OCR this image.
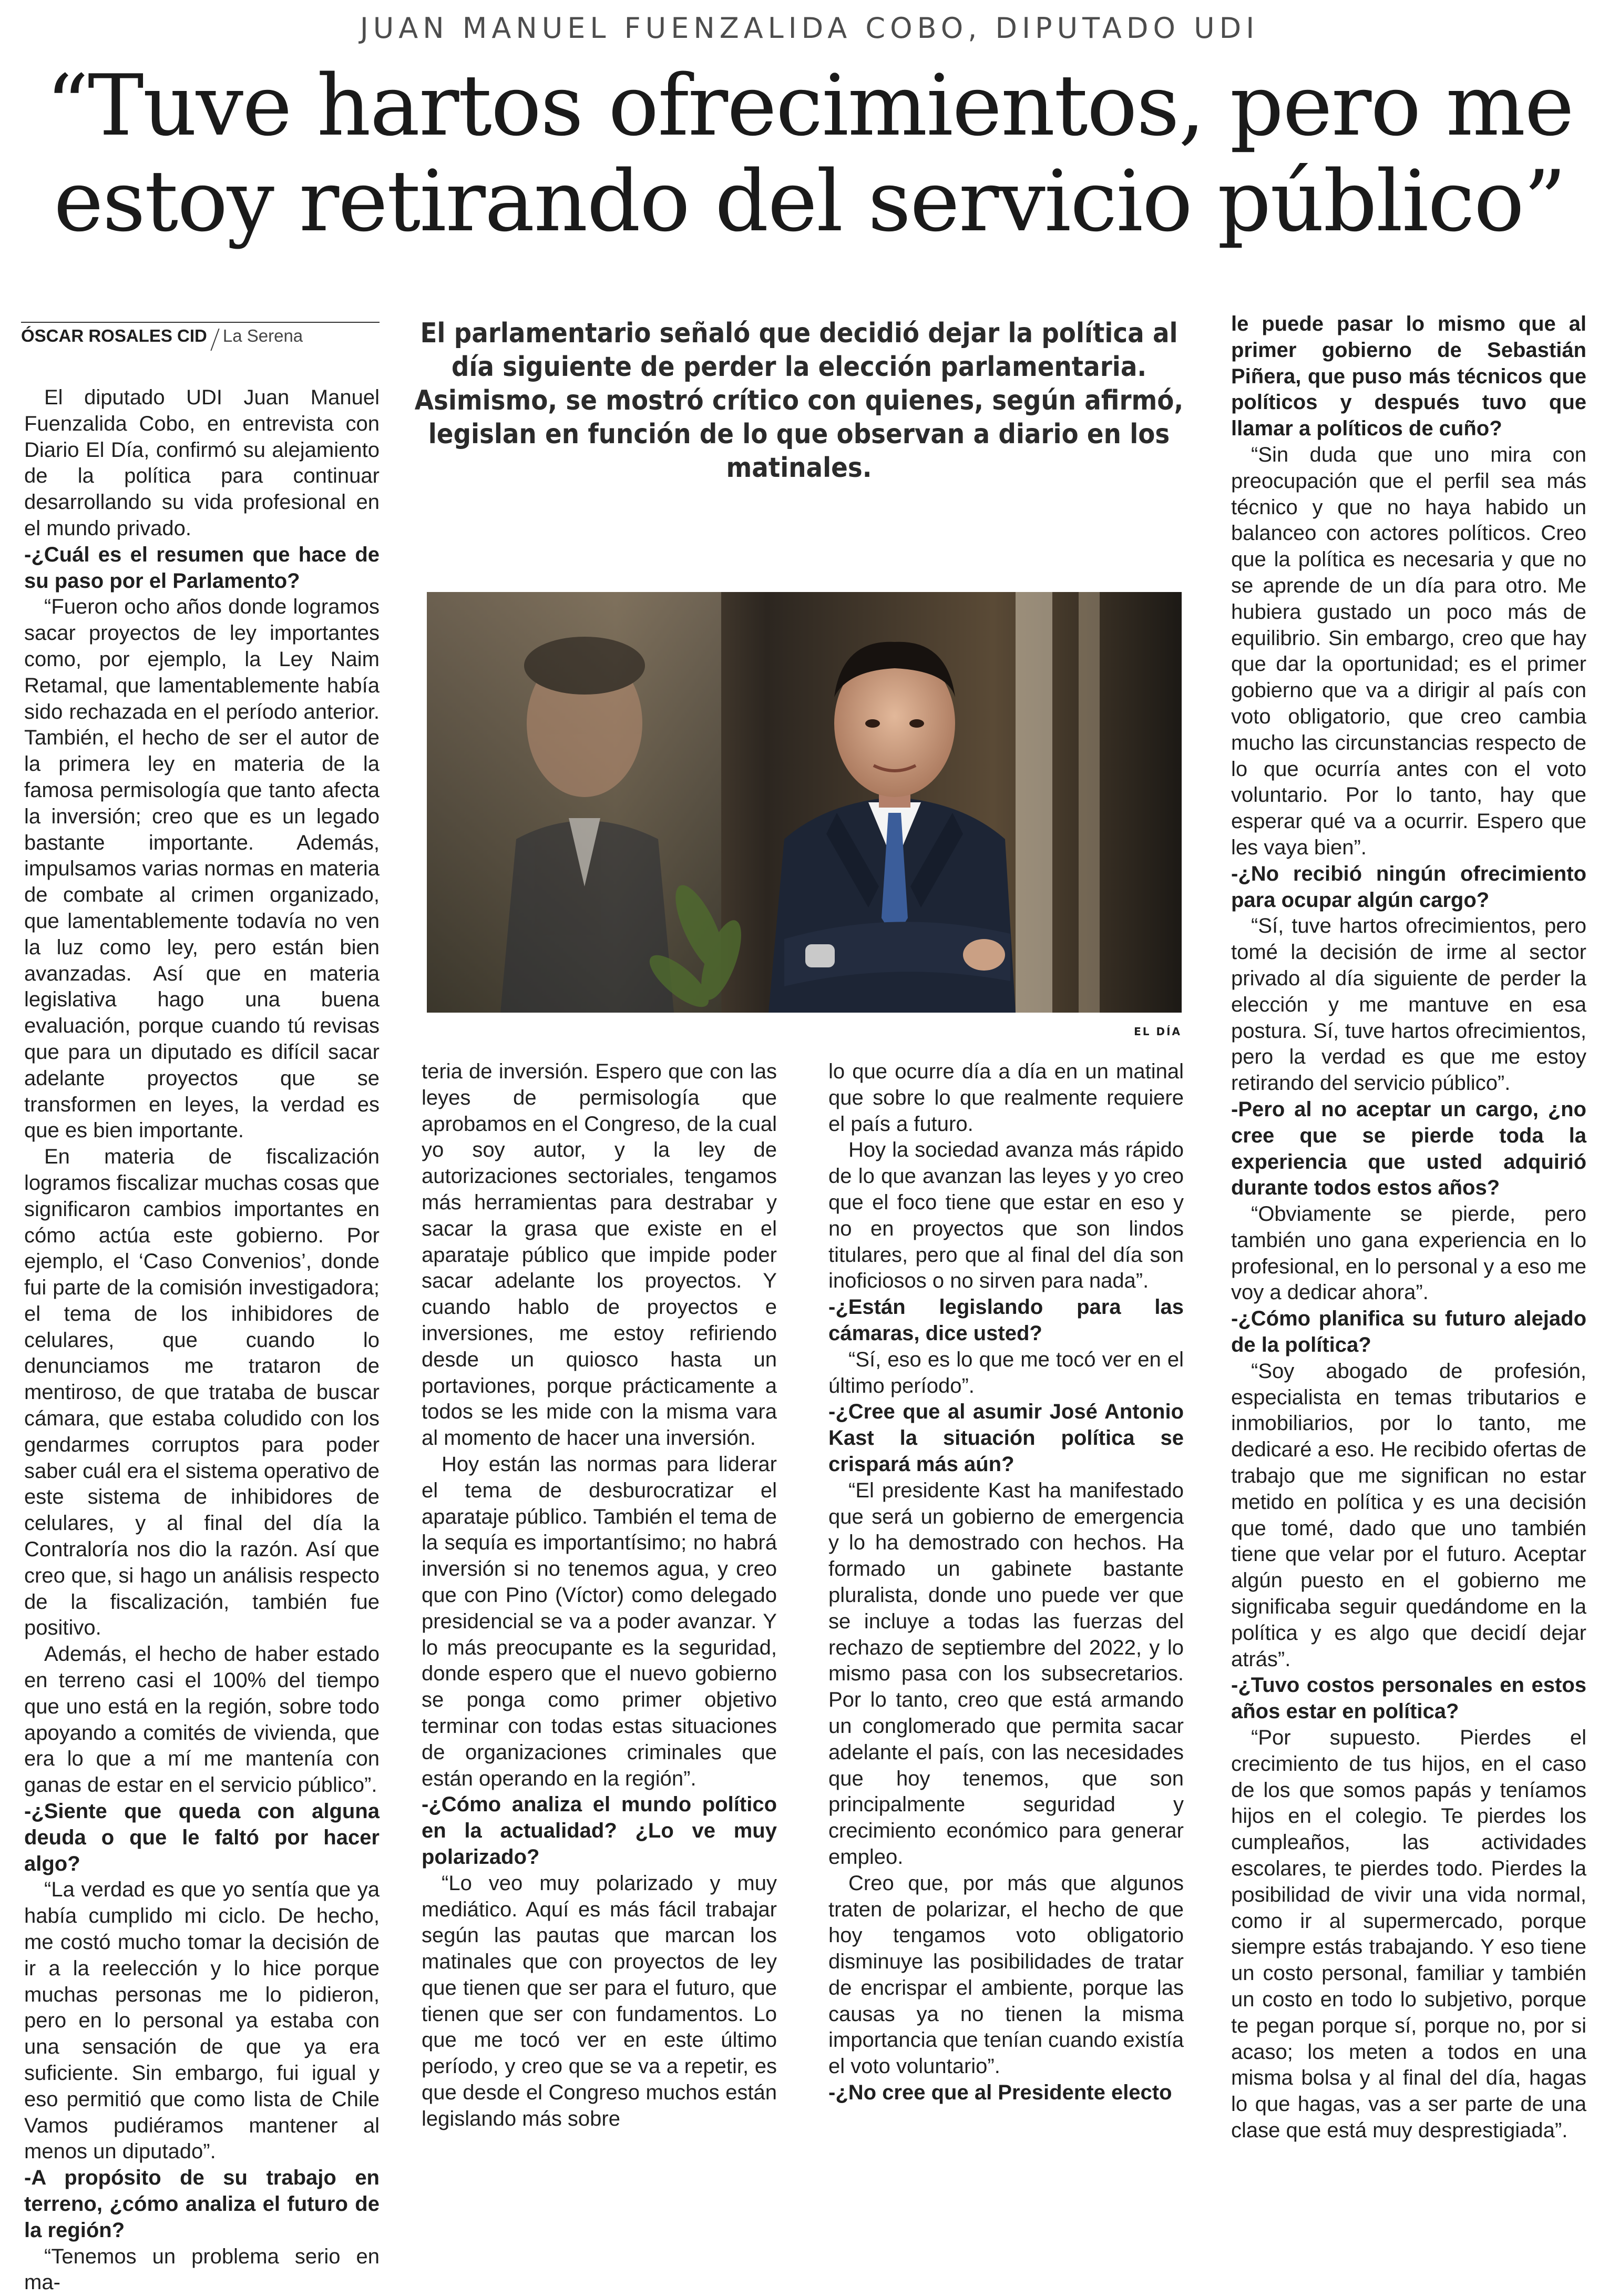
JUAN MANUEL FUENZALIDA COBO, DIPUTADO UDI
“Tuve hartos ofrecimientos, pero me
estoy retirando del servicio público”
ÓSCAR ROSALES CID La Serena	El parlamentario señaló que decidió dejar la política al día siguiente de perder la elección parlamentaria. Asimismo, se mostró crítico con quienes, según afirmó, legislan en función de lo que observan a diario en los matinales.
EL DÍA

El diputado UDI Juan Manuel Fuenzalida Cobo, en entrevista con Diario El Día, confirmó su alejamiento de la política para continuar desarrollando su vida profesional en el mundo privado.

-¿Cuál es el resumen que hace de su paso por el Parlamento?

“Fueron ocho años donde logramos sacar proyectos de ley importantes como, por ejemplo, la Ley Naim Retamal, que lamentablemente había sido rechazada en el período anterior. También, el hecho de ser el autor de la primera ley en materia de la famosa permisología que tanto afecta la inversión; creo que es un legado bastante importante. Además, impulsamos varias normas en materia de combate al crimen organizado, que lamentablemente todavía no ven la luz como ley, pero están bien avanzadas. Así que en materia legislativa hago una buena evaluación, porque cuando tú revisas que para un diputado es difícil sacar adelante proyectos que se transformen en leyes, la verdad es que es bien importante.

En materia de fiscalización logramos fiscalizar muchas cosas que significaron cambios importantes en cómo actúa este gobierno. Por ejemplo, el ‘Caso Convenios’, donde fui parte de la comisión investigadora; el tema de los inhibidores de celulares, que cuando lo denunciamos me trataron de mentiroso, de que trataba de buscar cámara, que estaba coludido con los gendarmes corruptos para poder saber cuál era el sistema operativo de este sistema de inhibidores de celulares, y al final del día la Contraloría nos dio la razón. Así que creo que, si hago un análisis respecto de la fiscalización, también fue positivo.

Además, el hecho de haber estado en terreno casi el 100% del tiempo que uno está en la región, sobre todo apoyando a comités de vivienda, que era lo que a mí me mantenía con ganas de estar en el servicio público”.

-¿Siente que queda con alguna deuda o que le faltó por hacer algo?

“La verdad es que yo sentía que ya había cumplido mi ciclo. De hecho, me costó mucho tomar la decisión de ir a la reelección y lo hice porque muchas personas me lo pidieron, pero en lo personal ya estaba con una sensación de que ya era suficiente. Sin embargo, fui igual y eso permitió que como lista de Chile Vamos pudiéramos mantener al menos un diputado”.

-A propósito de su trabajo en terreno, ¿cómo analiza el futuro de la región?

“Tenemos un problema serio en ma-

teria de inversión. Espero que con las leyes de permisología que aprobamos en el Congreso, de la cual yo soy autor, y la ley de autorizaciones sectoriales, tengamos más herramientas para destrabar y sacar la grasa que existe en el aparataje público que impide poder sacar adelante los proyectos. Y cuando hablo de proyectos e inversiones, me estoy refiriendo desde un quiosco hasta un portaviones, porque prácticamente a todos se les mide con la misma vara al momento de hacer una inversión.

Hoy están las normas para liderar el tema de desburocratizar el aparataje público. También el tema de la sequía es importantísimo; no habrá inversión si no tenemos agua, y creo que con Pino (Víctor) como delegado presidencial se va a poder avanzar. Y lo más preocupante es la seguridad, donde espero que el nuevo gobierno se ponga como primer objetivo terminar con todas estas situaciones de organizaciones criminales que están operando en la región”.

-¿Cómo analiza el mundo político en la actualidad? ¿Lo ve muy polarizado?

“Lo veo muy polarizado y muy mediático. Aquí es más fácil trabajar según las pautas que marcan los matinales que con proyectos de ley que tienen que ser para el futuro, que tienen que ser con fundamentos. Lo que me tocó ver en este último período, y creo que se va a repetir, es que desde el Congreso muchos están legislando más sobre

lo que ocurre día a día en un matinal que sobre lo que realmente requiere el país a futuro.

Hoy la sociedad avanza más rápido de lo que avanzan las leyes y yo creo que el foco tiene que estar en eso y no en proyectos que son lindos titulares, pero que al final del día son inoficiosos o no sirven para nada”.

-¿Están legislando para las cámaras, dice usted?

“Sí, eso es lo que me tocó ver en el último período”.

-¿Cree que al asumir José Antonio Kast la situación política se crispará más aún?

“El presidente Kast ha manifestado que será un gobierno de emergencia y lo ha demostrado con hechos. Ha formado un gabinete bastante pluralista, donde uno puede ver que se incluye a todas las fuerzas del rechazo de septiembre del 2022, y lo mismo pasa con los subsecretarios. Por lo tanto, creo que está armando un conglomerado que permita sacar adelante el país, con las necesidades que hoy tenemos, que son principalmente seguridad y crecimiento económico para generar empleo.

Creo que, por más que algunos traten de polarizar, el hecho de que hoy tengamos voto obligatorio disminuye las posibilidades de tratar de encrispar el ambiente, porque las causas ya no tienen la misma importancia que tenían cuando existía el voto voluntario”.

-¿No cree que al Presidente electo

le puede pasar lo mismo que al primer gobierno de Sebastián Piñera, que puso más técnicos que políticos y después tuvo que llamar a políticos de cuño?

“Sin duda que uno mira con preocupación que el perfil sea más técnico y que no haya habido un balanceo con actores políticos. Creo que la política es necesaria y que no se aprende de un día para otro. Me hubiera gustado un poco más de equilibrio. Sin embargo, creo que hay que dar la oportunidad; es el primer gobierno que va a dirigir al país con voto obligatorio, que creo cambia mucho las circunstancias respecto de lo que ocurría antes con el voto voluntario. Por lo tanto, hay que esperar qué va a ocurrir. Espero que les vaya bien”.

-¿No recibió ningún ofrecimiento para ocupar algún cargo?

“Sí, tuve hartos ofrecimientos, pero tomé la decisión de irme al sector privado al día siguiente de perder la elección y me mantuve en esa postura. Sí, tuve hartos ofrecimientos, pero la verdad es que me estoy retirando del servicio público”.

-Pero al no aceptar un cargo, ¿no cree que se pierde toda la experiencia que usted adquirió durante todos estos años?

“Obviamente se pierde, pero también uno gana experiencia en lo profesional, en lo personal y a eso me voy a dedicar ahora”.

-¿Cómo planifica su futuro alejado de la política?

“Soy abogado de profesión, especialista en temas tributarios e inmobiliarios, por lo tanto, me dedicaré a eso. He recibido ofertas de trabajo que me significan no estar metido en política y es una decisión que tomé, dado que uno también tiene que velar por el futuro. Aceptar algún puesto en el gobierno me significaba seguir quedándome en la política y es algo que decidí dejar atrás”.

-¿Tuvo costos personales en estos años estar en política?

“Por supuesto. Pierdes el crecimiento de tus hijos, en el caso de los que somos papás y teníamos hijos en el colegio. Te pierdes los cumpleaños, las actividades escolares, te pierdes todo. Pierdes la posibilidad de vivir una vida normal, como ir al supermercado, porque siempre estás trabajando. Y eso tiene un costo personal, familiar y también un costo en todo lo subjetivo, porque te pegan porque sí, porque no, por si acaso; los meten a todos en una misma bolsa y al final del día, hagas lo que hagas, vas a ser parte de una clase que está muy desprestigiada”.
